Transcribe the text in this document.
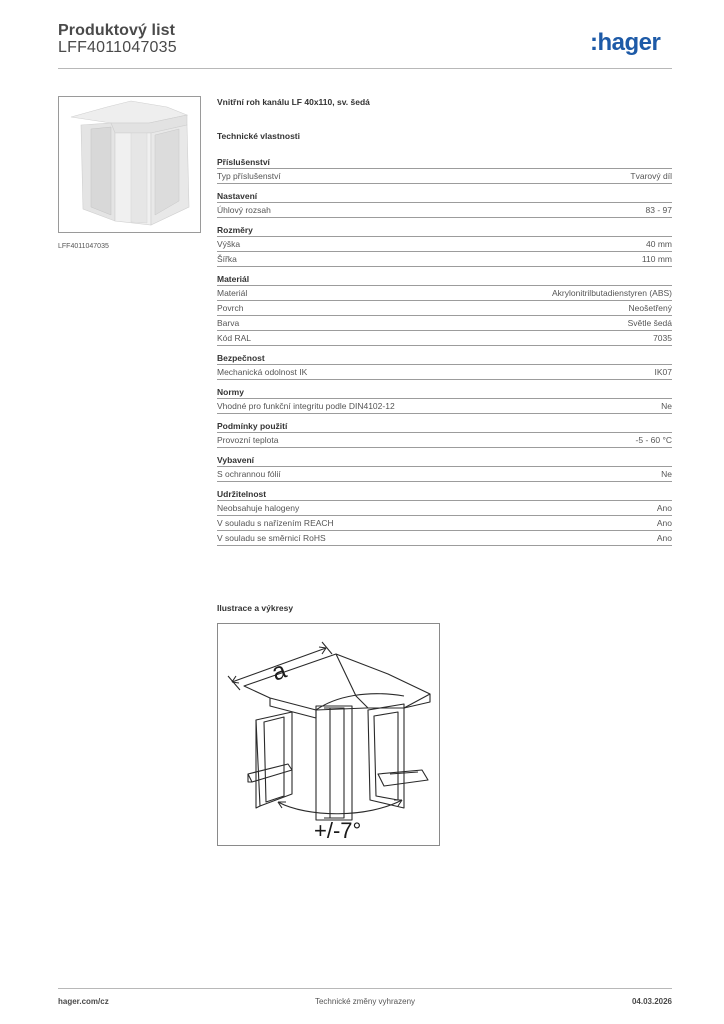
Produktový list
LFF4011047035	:hager
LFF4011047035
Vnitřní roh kanálu LF 40x110, sv. šedá
Technické vlastnosti
Příslušenství
Typ příslušenství	Tvarový díl
Nastavení
Úhlový rozsah	83 - 97
Rozměry
Výška	40 mm
Šířka	110 mm
Materiál
Materiál	Akrylonitrilbutadienstyren (ABS)
Povrch	Neošetřený
Barva	Světle šedá
Kód RAL	7035
Bezpečnost
Mechanická odolnost IK	IK07
Normy
Vhodné pro funkční integritu podle DIN4102-12	Ne
Podmínky použití
Provozní teplota	-5 - 60 °C
Vybavení
S ochrannou fólií	Ne
Udržitelnost
Neobsahuje halogeny	Ano
V souladu s nařízením REACH	Ano
V souladu se směrnicí RoHS	Ano
Ilustrace a výkresy
a
+/-7°
hager.com/cz	Technické změny vyhrazeny	04.03.2026
